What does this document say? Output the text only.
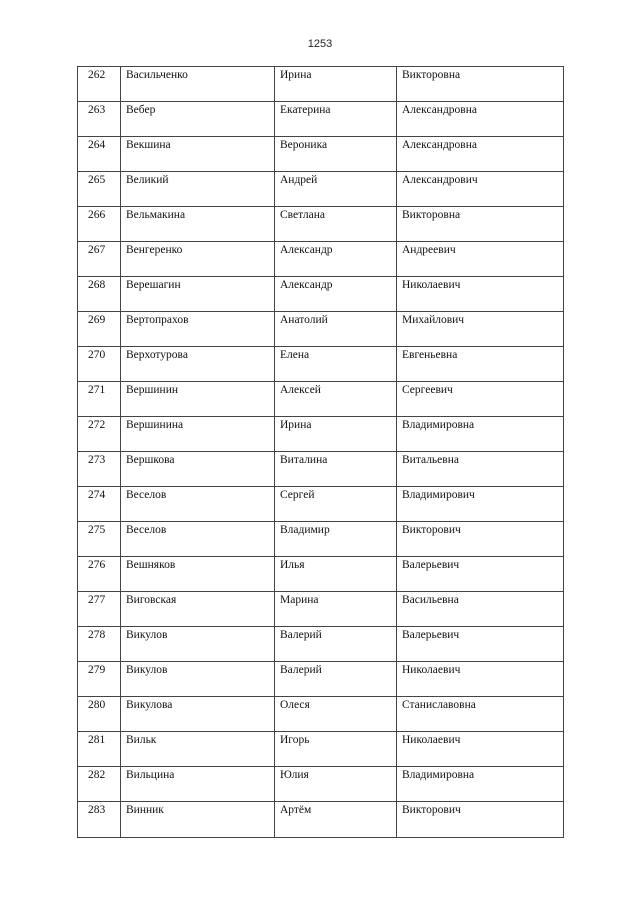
1253
262	Васильченко	Ирина	Викторовна
263	Вебер	Екатерина	Александровна
264	Векшина	Вероника	Александровна
265	Великий	Андрей	Александрович
266	Вельмакина	Светлана	Викторовна
267	Венгеренко	Александр	Андреевич
268	Верешагин	Александр	Николаевич
269	Вертопрахов	Анатолий	Михайлович
270	Верхотурова	Елена	Евгеньевна
271	Вершинин	Алексей	Сергеевич
272	Вершинина	Ирина	Владимировна
273	Вершкова	Виталина	Витальевна
274	Веселов	Сергей	Владимирович
275	Веселов	Владимир	Викторович
276	Вешняков	Илья	Валерьевич
277	Виговская	Марина	Васильевна
278	Викулов	Валерий	Валерьевич
279	Викулов	Валерий	Николаевич
280	Викулова	Олеся	Станиславовна
281	Вильк	Игорь	Николаевич
282	Вильцина	Юлия	Владимировна
283	Винник	Артём	Викторович
